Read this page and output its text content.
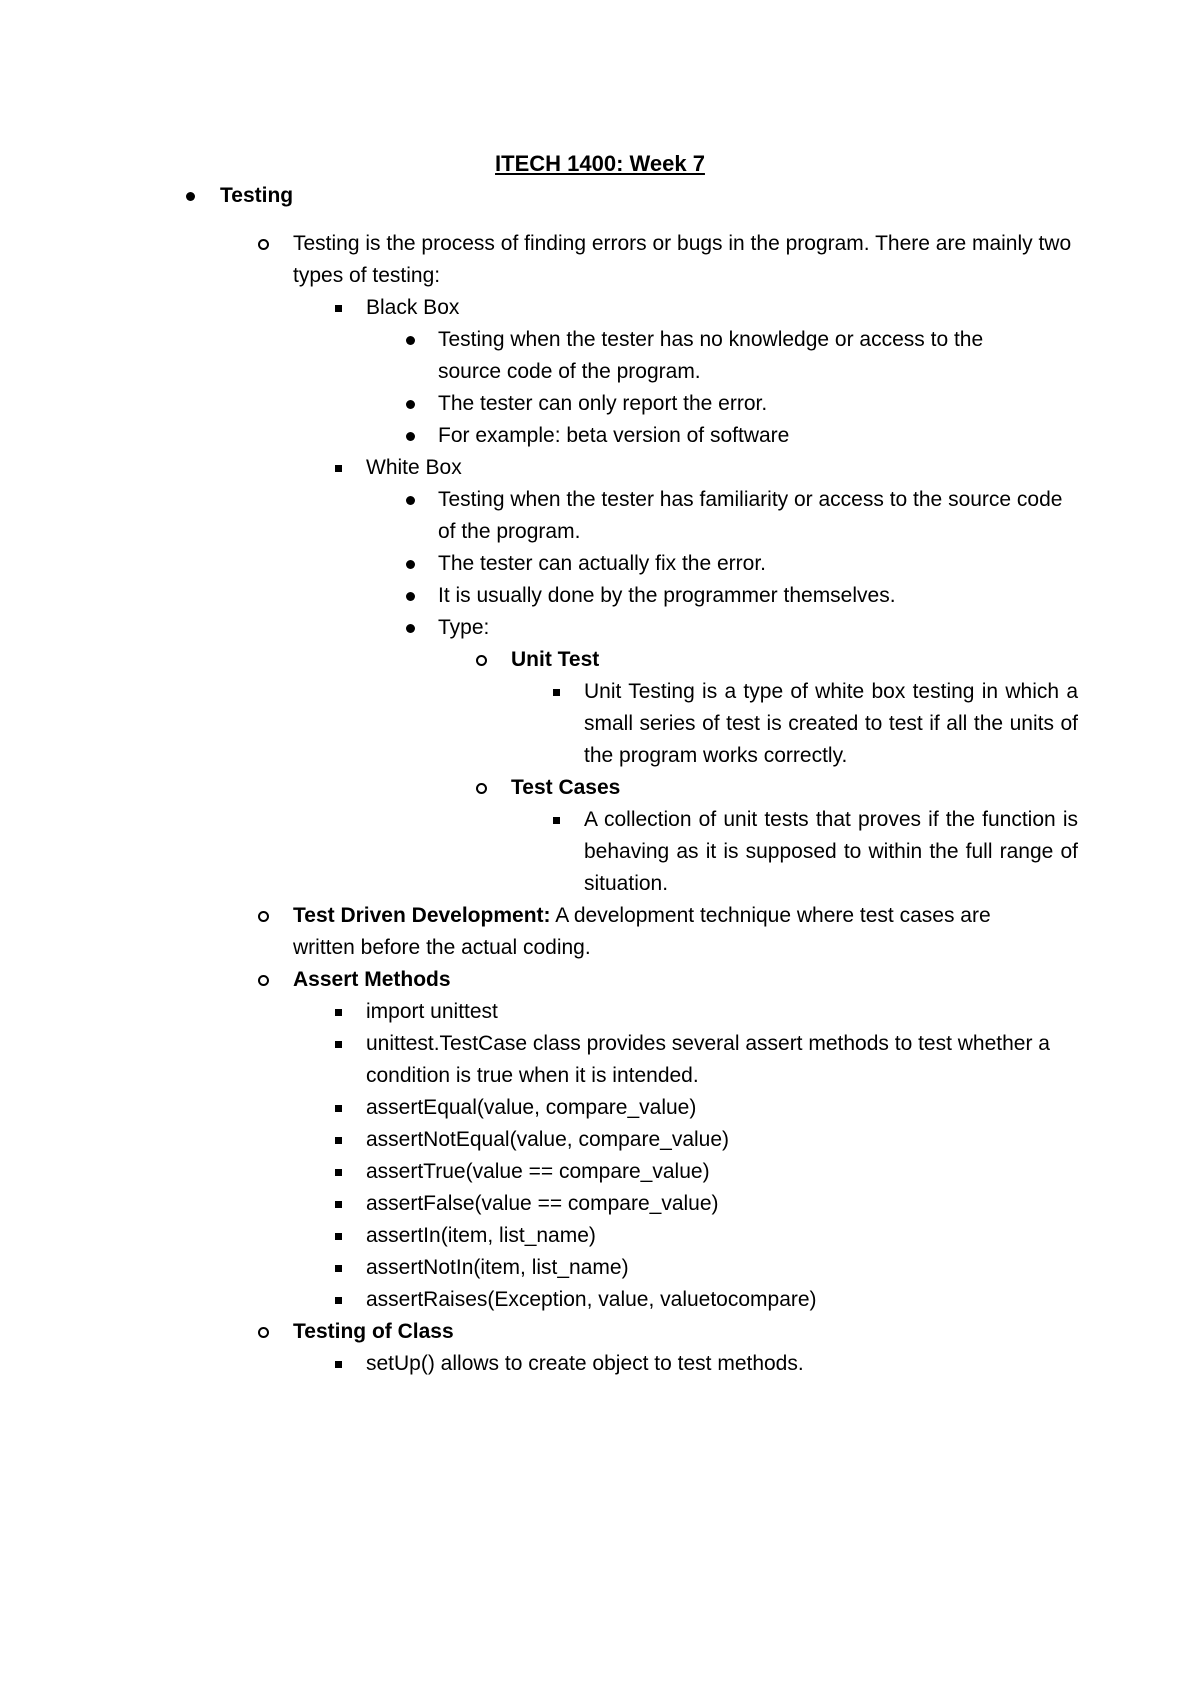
ITECH 1400: Week 7
Testing
Testing is the process of finding errors or bugs in the program. There are mainly two types of testing:
Black Box
Testing when the tester has no knowledge or access to the source code of the program.
The tester can only report the error.
For example: beta version of software
White Box
Testing when the tester has familiarity or access to the source code of the program.
The tester can actually fix the error.
It is usually done by the programmer themselves.
Type:
Unit Test
Unit Testing is a type of white box testing in which a small series of test is created to test if all the units of the program works correctly.
Test Cases
A collection of unit tests that proves if the function is behaving as it is supposed to within the full range of situation.
Test Driven Development: A development technique where test cases are written before the actual coding.
Assert Methods
import unittest
unittest.TestCase class provides several assert methods to test whether a condition is true when it is intended.
assertEqual(value, compare_value)
assertNotEqual(value, compare_value)
assertTrue(value == compare_value)
assertFalse(value == compare_value)
assertIn(item, list_name)
assertNotIn(item, list_name)
assertRaises(Exception, value, valuetocompare)
Testing of Class
setUp() allows to create object to test methods.
